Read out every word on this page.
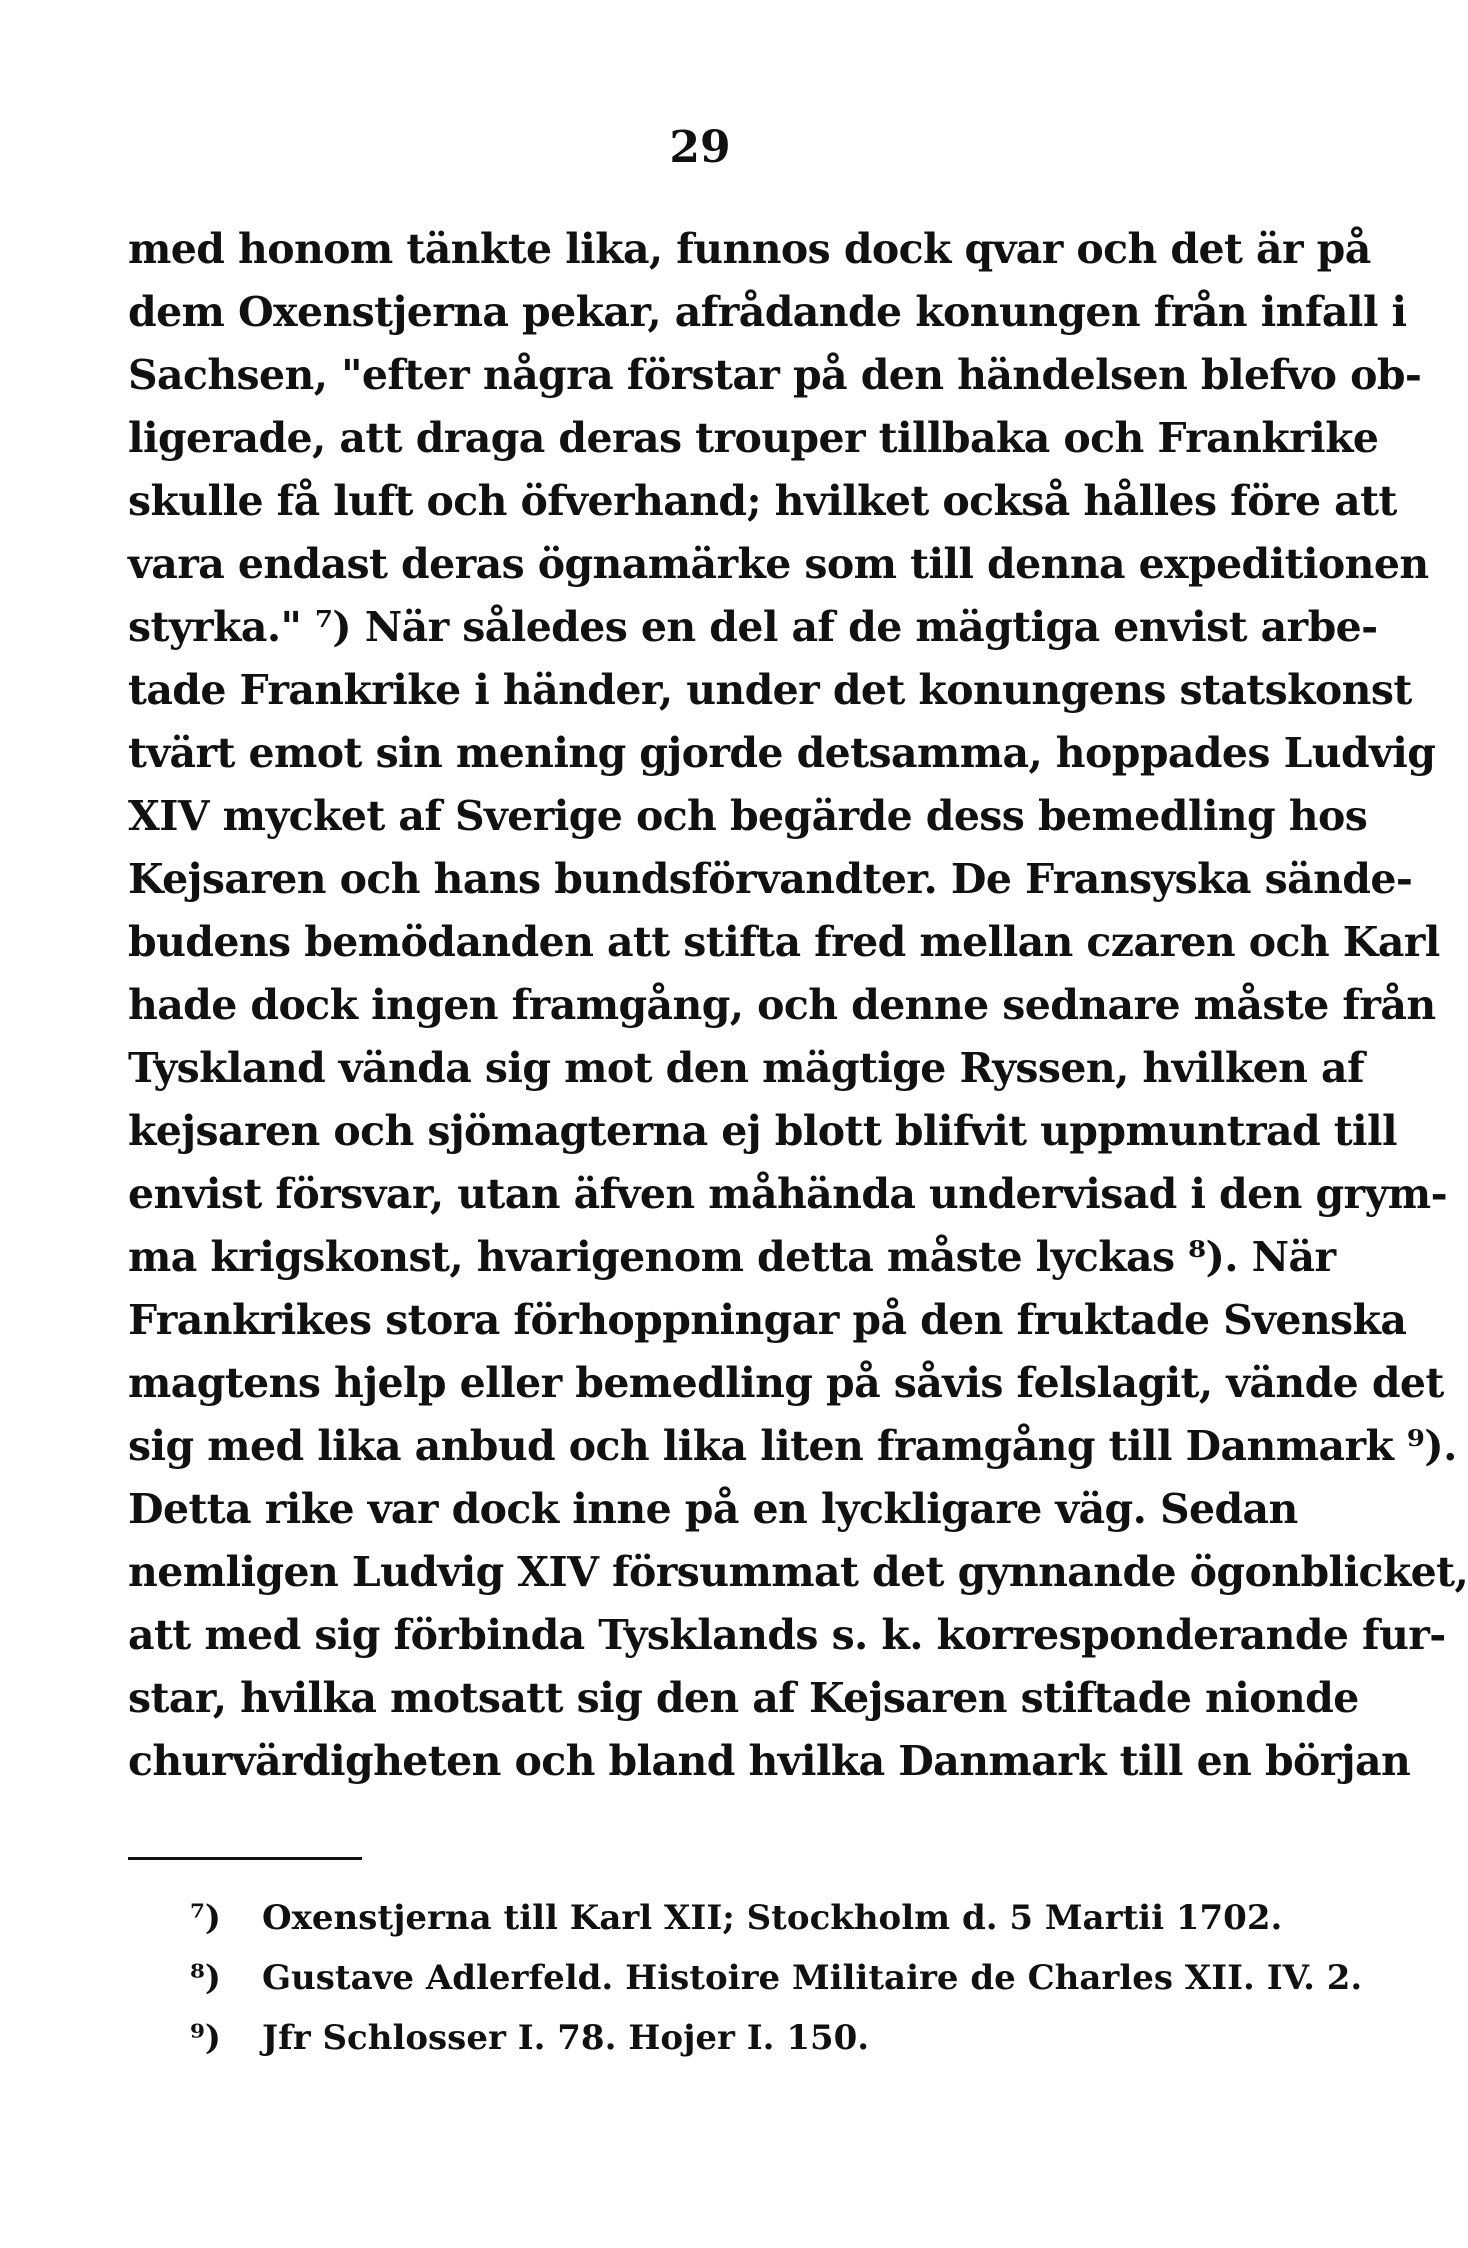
29
med honom tänkte lika, funnos dock qvar och det är på
dem Oxenstjerna pekar, afrådande konungen från infall i
Sachsen, "efter några förstar på den händelsen blefvo ob-
ligerade, att draga deras trouper tillbaka och Frankrike
skulle få luft och öfverhand; hvilket också hålles före att
vara endast deras ögnamärke som till denna expeditionen
styrka." ⁷) När således en del af de mägtiga envist arbe-
tade Frankrike i händer, under det konungens statskonst
tvärt emot sin mening gjorde detsamma, hoppades Ludvig
XIV mycket af Sverige och begärde dess bemedling hos
Kejsaren och hans bundsförvandter. De Fransyska sände-
budens bemödanden att stifta fred mellan czaren och Karl
hade dock ingen framgång, och denne sednare måste från
Tyskland vända sig mot den mägtige Ryssen, hvilken af
kejsaren och sjömagterna ej blott blifvit uppmuntrad till
envist försvar, utan äfven måhända undervisad i den grym-
ma krigskonst, hvarigenom detta måste lyckas ⁸). När
Frankrikes stora förhoppningar på den fruktade Svenska
magtens hjelp eller bemedling på såvis felslagit, vände det
sig med lika anbud och lika liten framgång till Danmark ⁹).
Detta rike var dock inne på en lyckligare väg. Sedan
nemligen Ludvig XIV försummat det gynnande ögonblicket,
att med sig förbinda Tysklands s. k. korresponderande fur-
star, hvilka motsatt sig den af Kejsaren stiftade nionde
churvärdigheten och bland hvilka Danmark till en början
⁷)	Oxenstjerna till Karl XII; Stockholm d. 5 Martii 1702.
⁸)	Gustave Adlerfeld. Histoire Militaire de Charles XII. IV. 2.
⁹)	Jfr Schlosser I. 78. Hojer I. 150.
